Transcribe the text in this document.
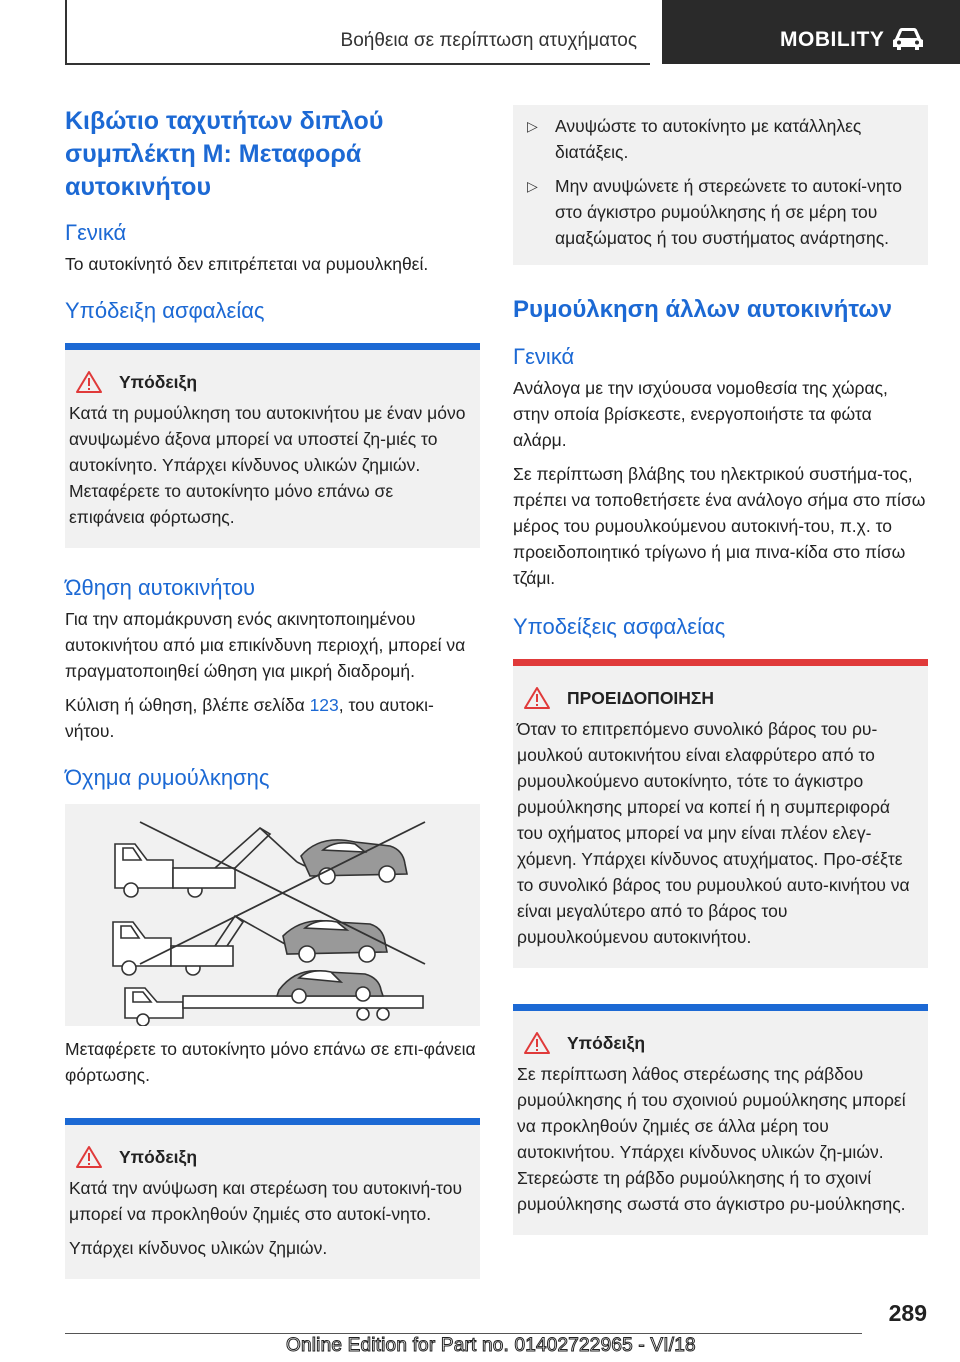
Βοήθεια σε περίπτωση ατυχήματος	MOBILITY
Κιβώτιο ταχυτήτων διπλού συμπλέκτη M: Μεταφορά αυτοκινήτου
Γενικά

Το αυτοκίνητό δεν επιτρέπεται να ρυμουλκηθεί.

Υπόδειξη ασφαλείας
Υπόδειξη

Κατά τη ρυμούλκηση του αυτοκινήτου με έναν μόνο ανυψωμένο άξονα μπορεί να υποστεί ζη-μιές το αυτοκίνητο. Υπάρχει κίνδυνος υλικών ζημιών. Μεταφέρετε το αυτοκίνητο μόνο επάνω σε επιφάνεια φόρτωσης.

Ώθηση αυτοκινήτου

Για την απομάκρυνση ενός ακινητοποιημένου αυτοκινήτου από μια επικίνδυνη περιοχή, μπορεί να πραγματοποιηθεί ώθηση για μικρή διαδρομή.

Κύλιση ή ώθηση, βλέπε σελίδα 123, του αυτοκι-νήτου.

Όχημα ρυμούλκησης

Μεταφέρετε το αυτοκίνητο μόνο επάνω σε επι-φάνεια φόρτωσης.

Υπόδειξη

Κατά την ανύψωση και στερέωση του αυτοκινή-του μπορεί να προκληθούν ζημιές στο αυτοκί-νητο.

Υπάρχει κίνδυνος υλικών ζημιών.

▷ Ανυψώστε το αυτοκίνητο με κατάλληλες διατάξεις.
▷ Μην ανυψώνετε ή στερεώνετε το αυτοκί-νητο στο άγκιστρο ρυμούλκησης ή σε μέρη του αμαξώματος ή του συστήματος ανάρτησης.
Ρυμούλκηση άλλων αυτοκινήτων
Γενικά

Ανάλογα με την ισχύουσα νομοθεσία της χώρας, στην οποία βρίσκεστε, ενεργοποιήστε τα φώτα αλάρμ.

Σε περίπτωση βλάβης του ηλεκτρικού συστήμα-τος, πρέπει να τοποθετήσετε ένα ανάλογο σήμα στο πίσω μέρος του ρυμουλκούμενου αυτοκινή-του, π.χ. το προειδοποιητικό τρίγωνο ή μια πινα-κίδα στο πίσω τζάμι.

Υποδείξεις ασφαλείας
ΠΡΟΕΙΔΟΠΟΙΗΣΗ

Όταν το επιτρεπόμενο συνολικό βάρος του ρυ-μουλκού αυτοκινήτου είναι ελαφρύτερο από το ρυμουλκούμενο αυτοκίνητο, τότε το άγκιστρο ρυμούλκησης μπορεί να κοπεί ή η συμπεριφορά του οχήματος μπορεί να μην είναι πλέον ελεγ-χόμενη. Υπάρχει κίνδυνος ατυχήματος. Προ-σέξτε το συνολικό βάρος του ρυμουλκού αυτο-κινήτου να είναι μεγαλύτερο από το βάρος του ρυμουλκούμενου αυτοκινήτου.

Υπόδειξη

Σε περίπτωση λάθος στερέωσης της ράβδου ρυμούλκησης ή του σχοινιού ρυμούλκησης μπορεί να προκληθούν ζημιές σε άλλα μέρη του αυτοκινήτου. Υπάρχει κίνδυνος υλικών ζη-μιών. Στερεώστε τη ράβδο ρυμούλκησης ή το σχοινί ρυμούλκησης σωστά στο άγκιστρο ρυ-μούλκησης.

289
Online Edition for Part no. 01402722965 - VI/18
